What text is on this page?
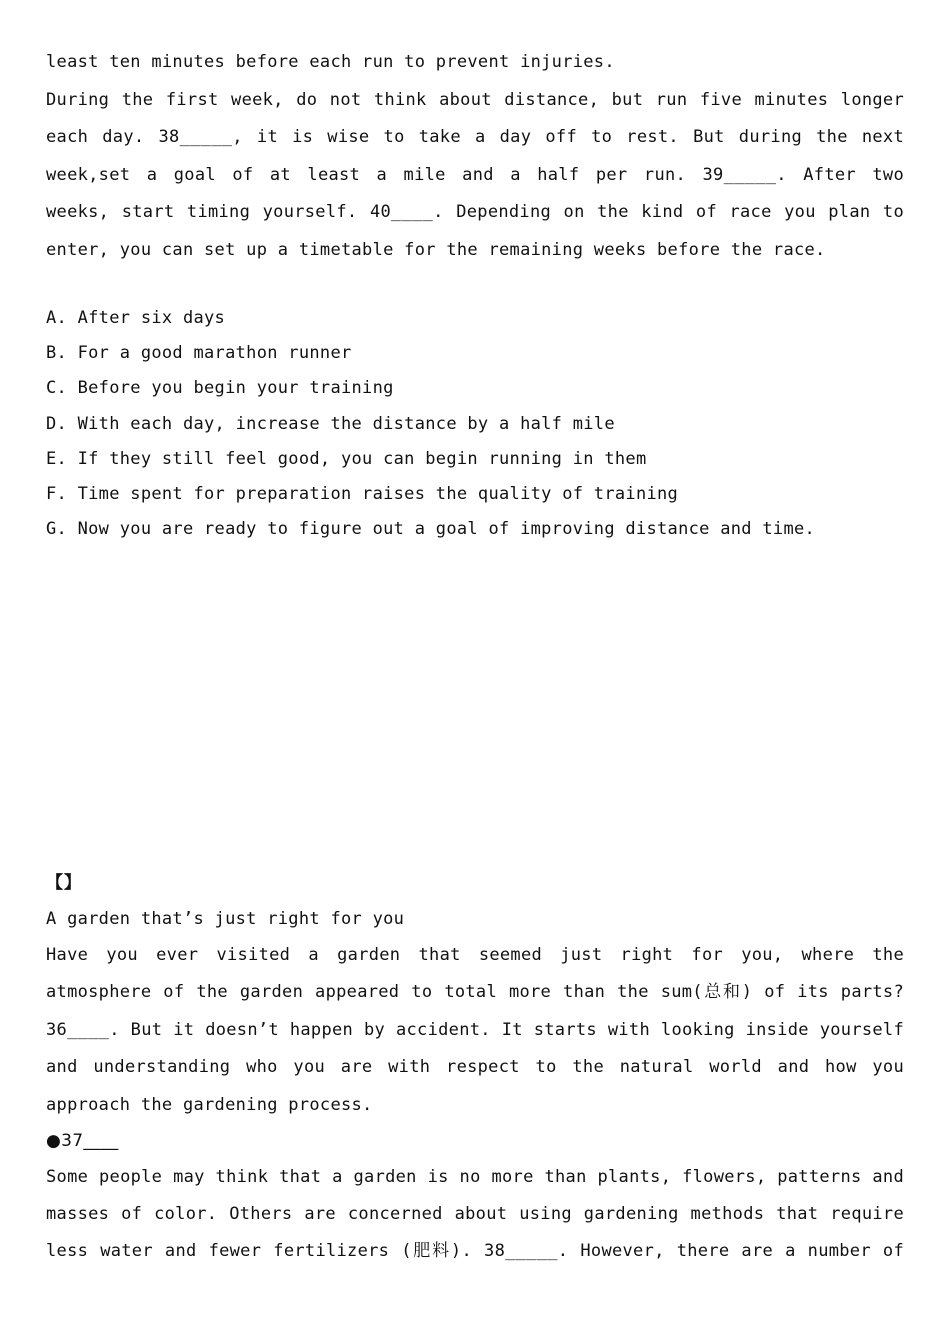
least ten minutes before each run to prevent injuries.
During the first week, do not think about distance, but run five minutes longer
each day. 38_____, it is wise to take a day off to rest. But during the next
week,set a goal of at least a mile and a half per run. 39_____. After two
weeks, start timing yourself. 40____. Depending on the kind of race you plan to
enter, you can set up a timetable for the remaining weeks before the race.
A. After six days
B. For a good marathon runner
C. Before you begin your training
D. With each day, increase the distance by a half mile
E. If they still feel good, you can begin running in them
F. Time spent for preparation raises the quality of training
G. Now you are ready to figure out a goal of improving distance and time.
【】
A garden that’s just right for you
Have you ever visited a garden that seemed just right for you, where the
atmosphere of the garden appeared to total more than the sum(总和) of its parts?
36____. But it doesn’t happen by accident. It starts with looking inside yourself
and understanding who you are with respect to the natural world and how you
approach the gardening process.
●37____
Some people may think that a garden is no more than plants, flowers, patterns and
masses of color. Others are concerned about using gardening methods that require
less water and fewer fertilizers (肥料). 38_____. However, there are a number of
